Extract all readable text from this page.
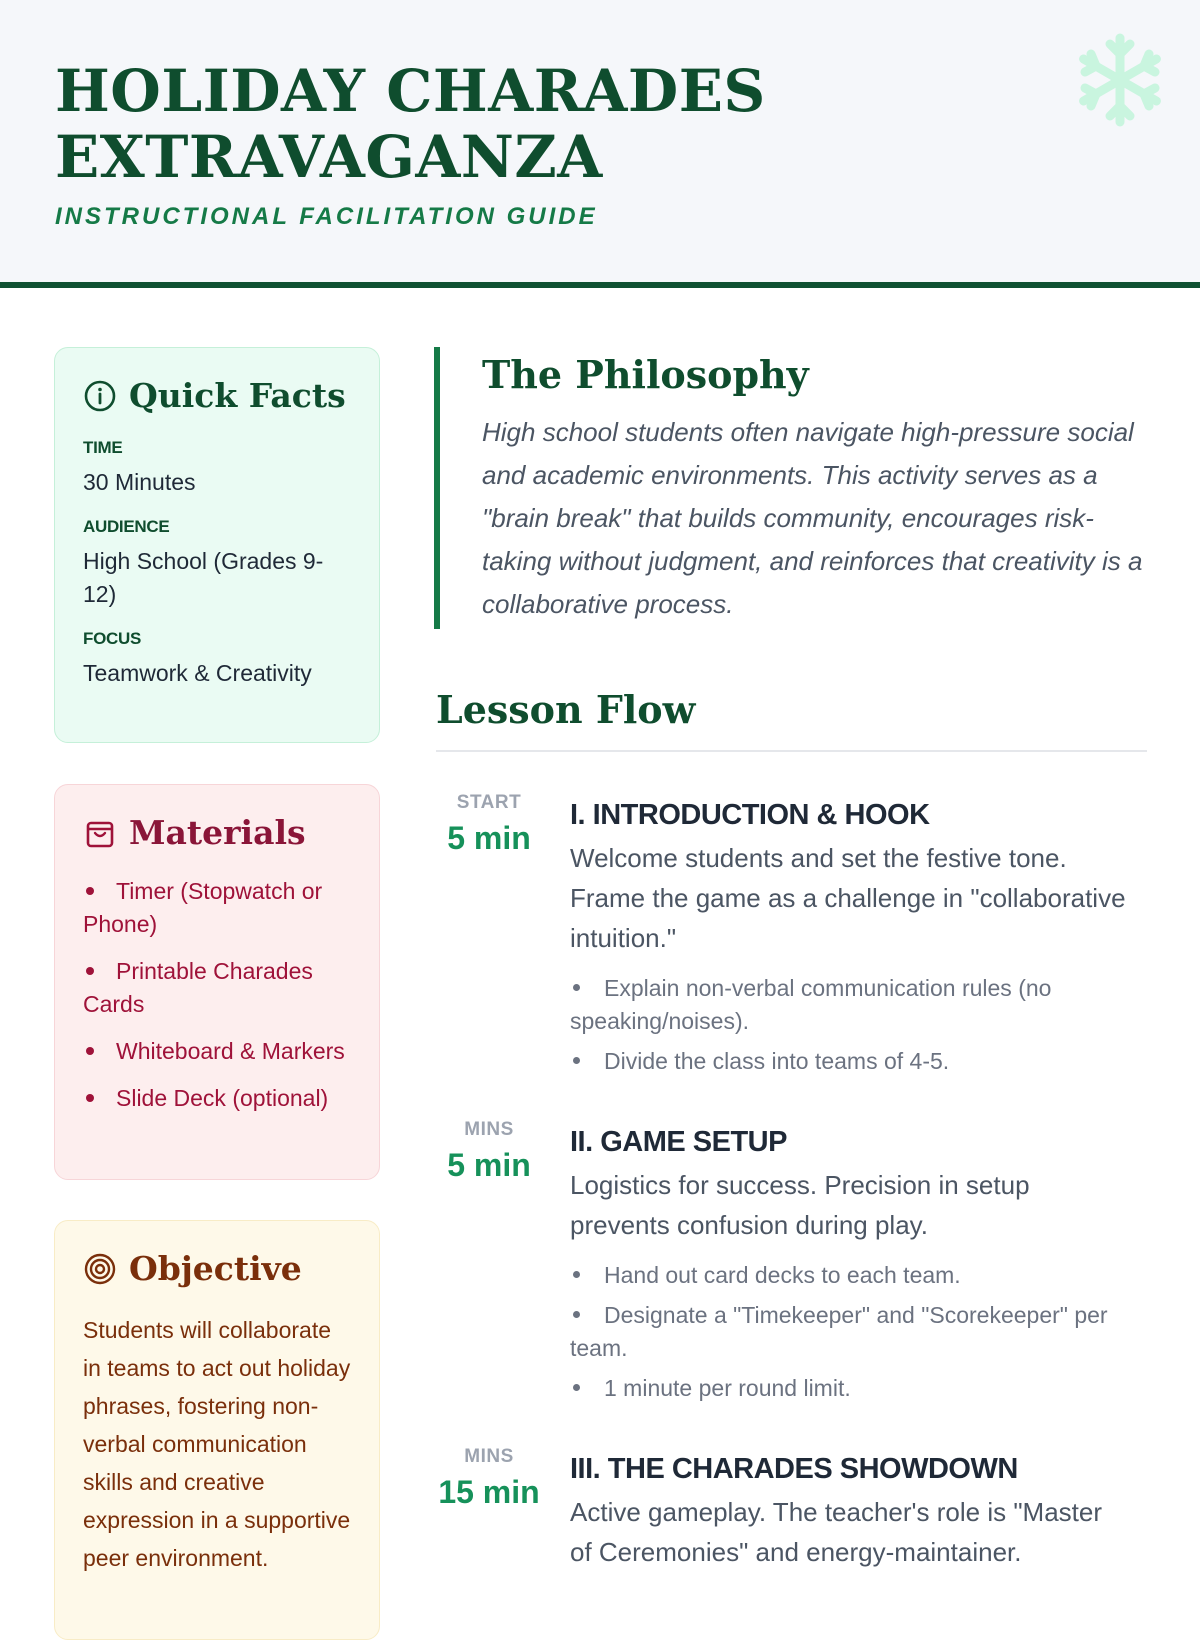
HOLIDAY CHARADES
EXTRAVAGANZA
INSTRUCTIONAL FACILITATION GUIDE
Quick Facts
TIME
30 Minutes
AUDIENCE
High School (Grades 9-12)
FOCUS
Teamwork & Creativity
Materials
Timer (Stopwatch or Phone)
Printable Charades Cards
Whiteboard & Markers
Slide Deck (optional)
Objective

Students will collaborate in teams to act out holiday phrases, fostering non-verbal communication skills and creative expression in a supportive peer environment.

The Philosophy

High school students often navigate high-pressure social and academic environments. This activity serves as a "brain break" that builds community, encourages risk-taking without judgment, and reinforces that creativity is a collaborative process.

Lesson Flow
START
5 min
I. INTRODUCTION & HOOK

Welcome students and set the festive tone. Frame the game as a challenge in "collaborative intuition."

Explain non-verbal communication rules (no speaking/noises).
Divide the class into teams of 4-5.
MINS
5 min
II. GAME SETUP

Logistics for success. Precision in setup prevents confusion during play.

Hand out card decks to each team.
Designate a "Timekeeper" and "Scorekeeper" per team.
1 minute per round limit.
MINS
15 min
III. THE CHARADES SHOWDOWN

Active gameplay. The teacher's role is "Master of Ceremonies" and energy-maintainer.
